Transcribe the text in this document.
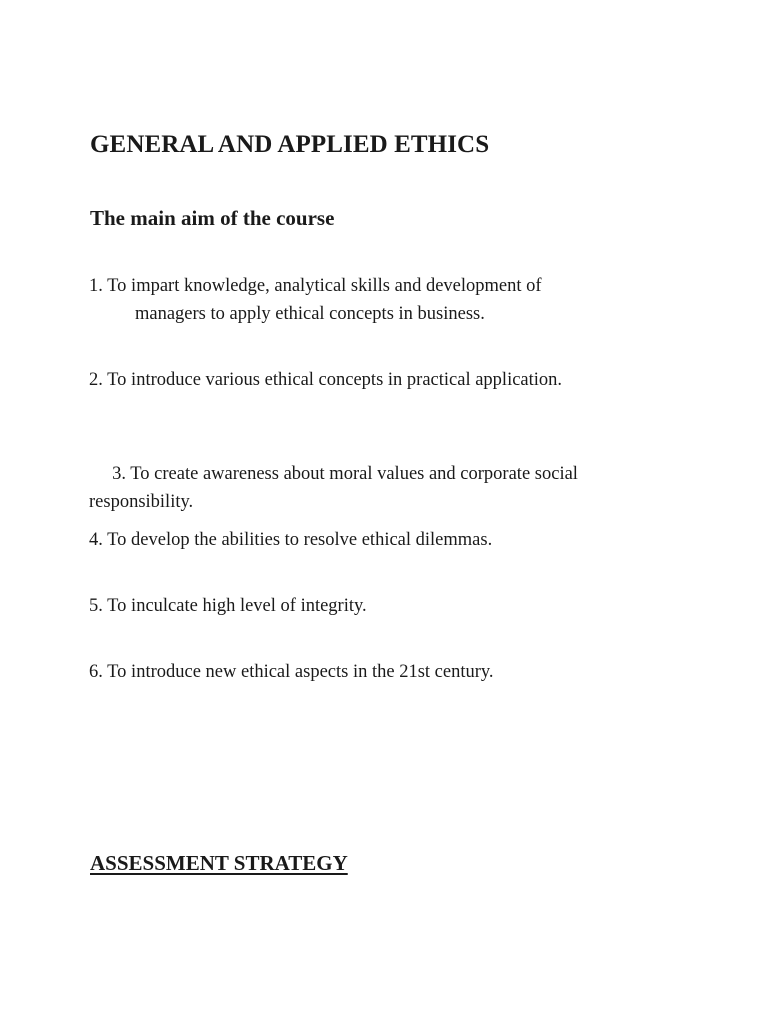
GENERAL AND APPLIED ETHICS
The main aim of the course

1. To impart knowledge, analytical skills and development of
managers to apply ethical concepts in business.

2. To introduce various ethical concepts in practical application.

3. To create awareness about moral values and corporate social
responsibility.

4. To develop the abilities to resolve ethical dilemmas.

5. To inculcate high level of integrity.

6. To introduce new ethical aspects in the 21st century.

ASSESSMENT STRATEGY
